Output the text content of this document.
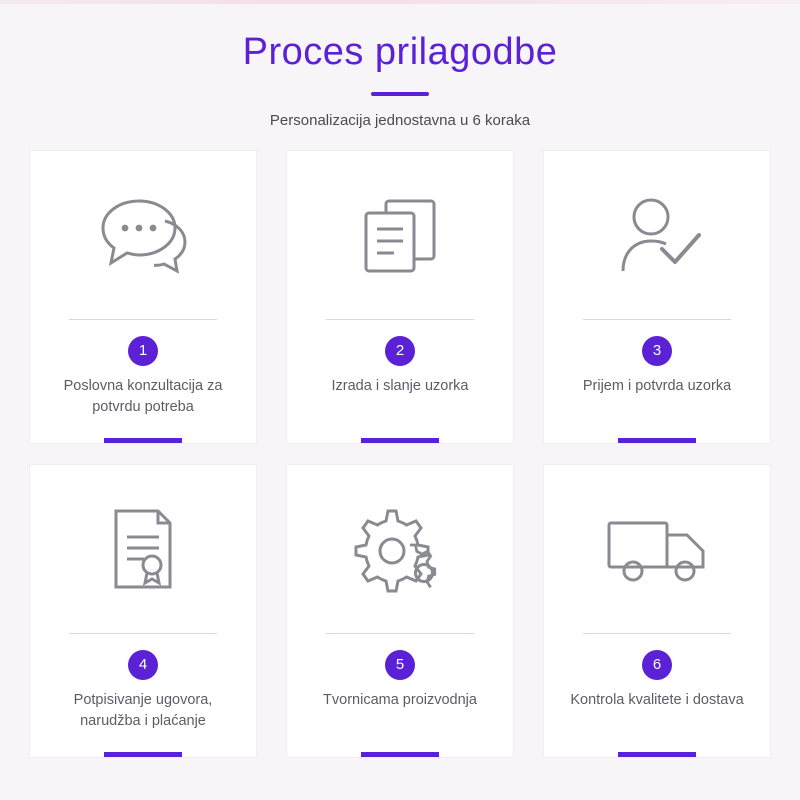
Proces prilagodbe
Personalizacija jednostavna u 6 koraka
1
Poslovna konzultacija za potvrdu potreba
2
Izrada i slanje uzorka
3
Prijem i potvrda uzorka
4
Potpisivanje ugovora, narudžba i plaćanje
5
Tvornicama proizvodnja
6
Kontrola kvalitete i dostava
